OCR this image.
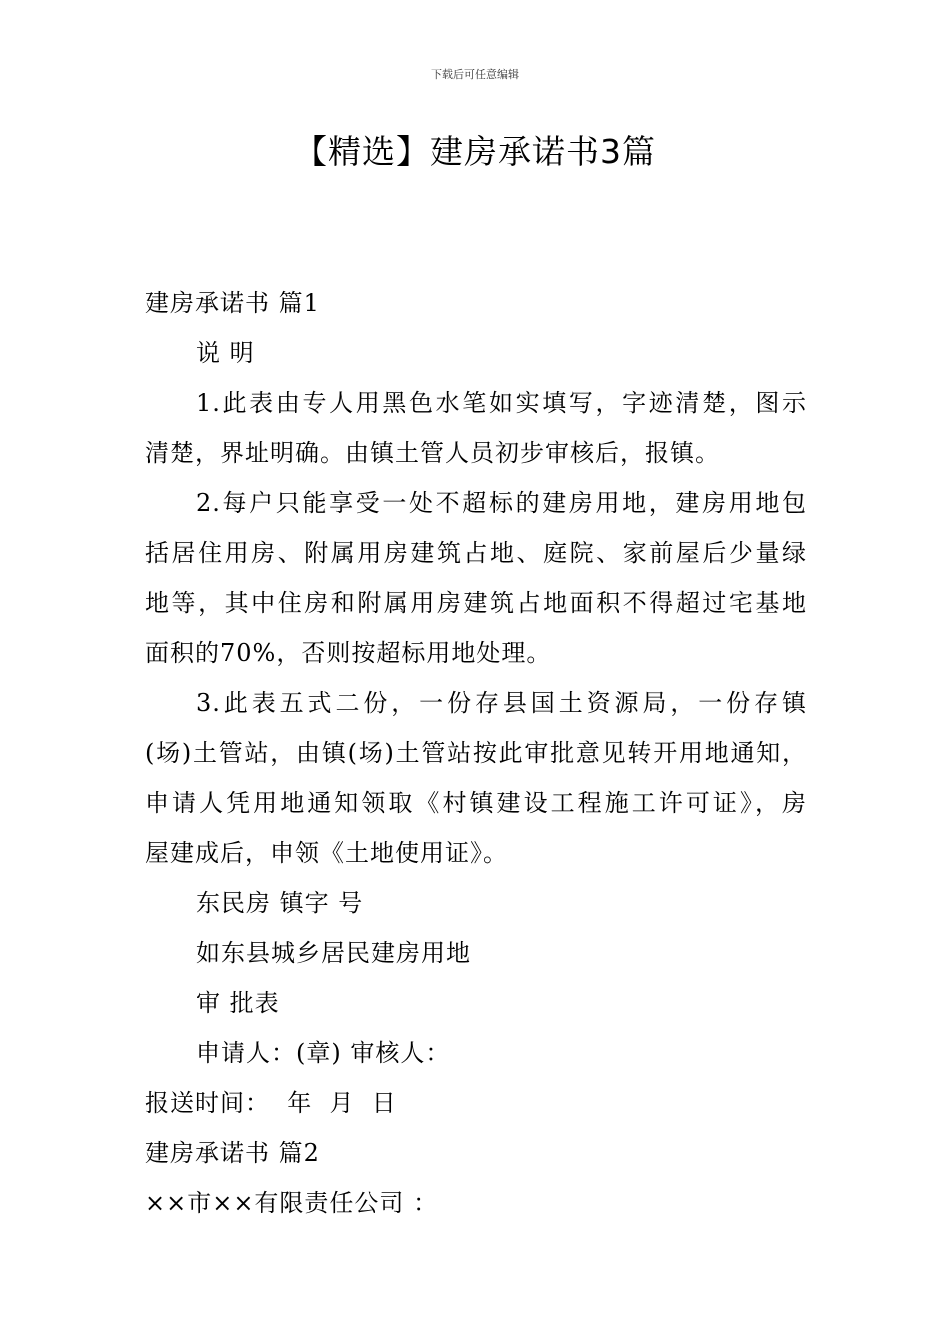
下载后可任意编辑
【精选】建房承诺书3篇
建房承诺书 篇1
说 明
1.此表由专人用黑色水笔如实填写，字迹清楚，图示
清楚，界址明确。由镇土管人员初步审核后，报镇。
2.每户只能享受一处不超标的建房用地，建房用地包
括居住用房、附属用房建筑占地、庭院、家前屋后少量绿
地等，其中住房和附属用房建筑占地面积不得超过宅基地
面积的70%，否则按超标用地处理。
3.此表五式二份，一份存县国土资源局，一份存镇
(场)土管站，由镇(场)土管站按此审批意见转开用地通知，
申请人凭用地通知领取《村镇建设工程施工许可证》，房
屋建成后，申领《土地使用证》。
东民房 镇字 号
如东县城乡居民建房用地
审 批表
申请人：(章) 审核人：
报送时间：  年  月  日
建房承诺书 篇2
××市××有限责任公司 ：
